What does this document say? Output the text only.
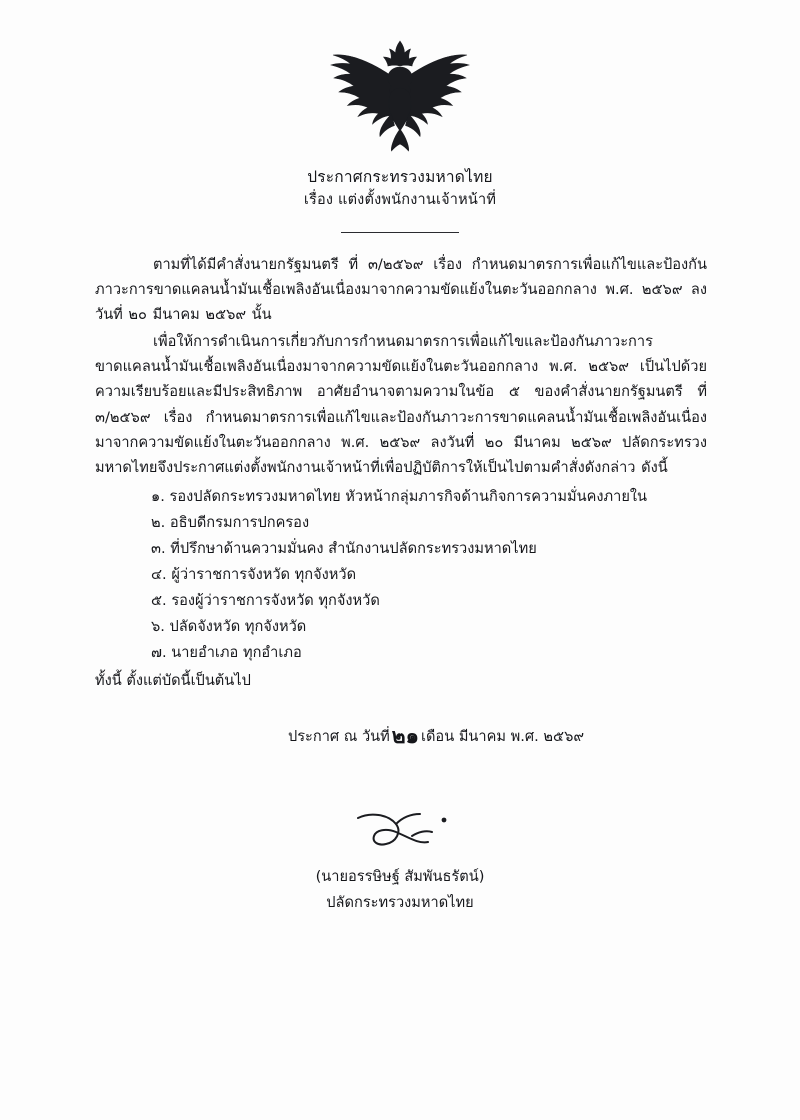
ประกาศกระทรวงมหาดไทย
เรื่อง แต่งตั้งพนักงานเจ้าหน้าที่

ตามที่ได้มีคำสั่งนายกรัฐมนตรี ที่ ๓/๒๕๖๙ เรื่อง กำหนดมาตรการเพื่อแก้ไขและป้องกันภาวะการขาดแคลนน้ำมันเชื้อเพลิงอันเนื่องมาจากความขัดแย้งในตะวันออกกลาง พ.ศ. ๒๕๖๙ ลงวันที่ ๒๐ มีนาคม ๒๕๖๙ นั้น

เพื่อให้การดำเนินการเกี่ยวกับการกำหนดมาตรการเพื่อแก้ไขและป้องกันภาวะการขาดแคลนน้ำมันเชื้อเพลิงอันเนื่องมาจากความขัดแย้งในตะวันออกกลาง พ.ศ. ๒๕๖๙ เป็นไปด้วยความเรียบร้อยและมีประสิทธิภาพ อาศัยอำนาจตามความในข้อ ๕ ของคำสั่งนายกรัฐมนตรี ที่ ๓/๒๕๖๙ เรื่อง กำหนดมาตรการเพื่อแก้ไขและป้องกันภาวะการขาดแคลนน้ำมันเชื้อเพลิงอันเนื่องมาจากความขัดแย้งในตะวันออกกลาง พ.ศ. ๒๕๖๙ ลงวันที่ ๒๐ มีนาคม ๒๕๖๙ ปลัดกระทรวงมหาดไทยจึงประกาศแต่งตั้งพนักงานเจ้าหน้าที่เพื่อปฏิบัติการให้เป็นไปตามคำสั่งดังกล่าว ดังนี้

๑. รองปลัดกระทรวงมหาดไทย หัวหน้ากลุ่มภารกิจด้านกิจการความมั่นคงภายใน
๒. อธิบดีกรมการปกครอง
๓. ที่ปรึกษาด้านความมั่นคง สำนักงานปลัดกระทรวงมหาดไทย
๔. ผู้ว่าราชการจังหวัด ทุกจังหวัด
๕. รองผู้ว่าราชการจังหวัด ทุกจังหวัด
๖. ปลัดจังหวัด ทุกจังหวัด
๗. นายอำเภอ ทุกอำเภอ
ทั้งนี้ ตั้งแต่บัดนี้เป็นต้นไป
ประกาศ ณ วันที่๒๑ เดือน มีนาคม พ.ศ. ๒๕๖๙
(นายอรรษิษฐ์ สัมพันธรัตน์)
ปลัดกระทรวงมหาดไทย
